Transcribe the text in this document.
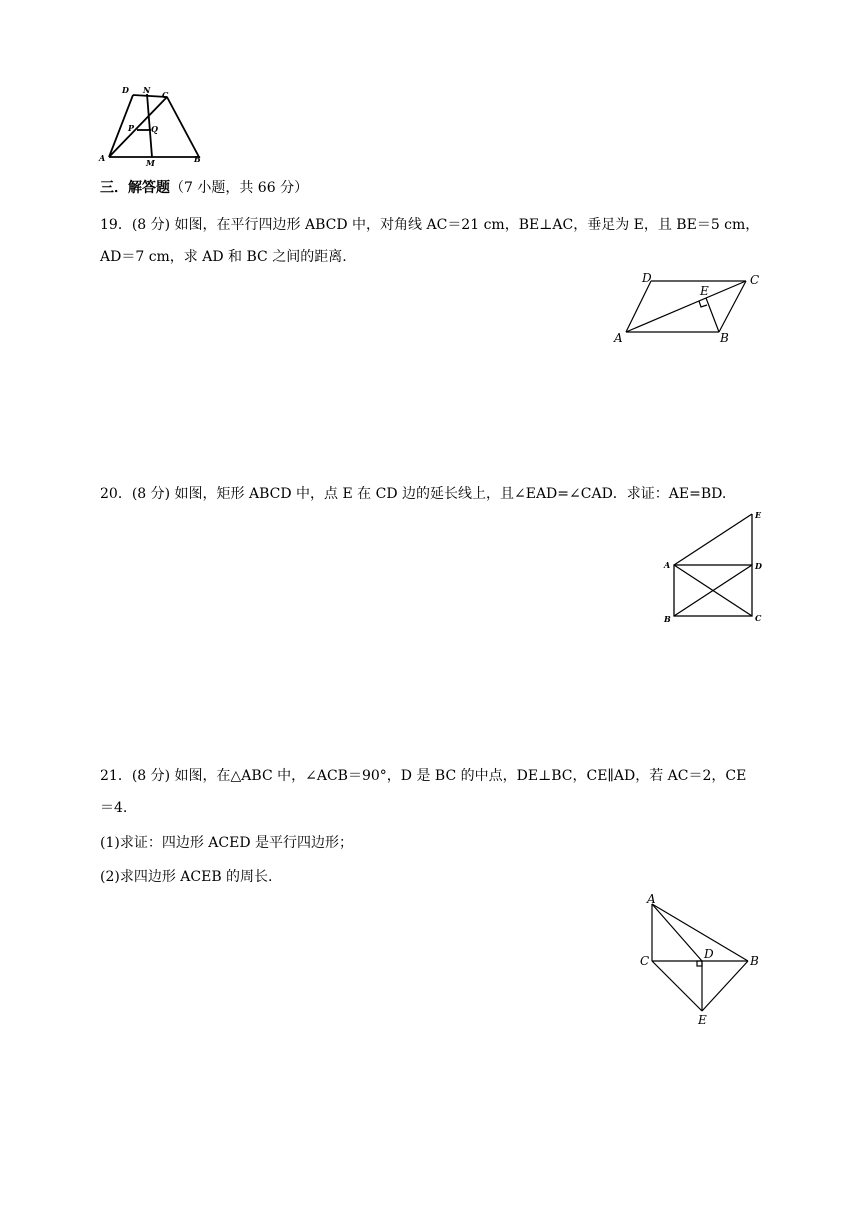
D N C
P Q
A	M	B
三．解答题（7 小题，共 66 分）
19．(8 分) 如图，在平行四边形 ABCD 中，对角线 AC＝21 cm，BE⊥AC，垂足为 E，且 BE＝5 cm，
AD＝7 cm，求 AD 和 BC 之间的距离.
D	C
E
A	B
20．(8 分) 如图，矩形 ABCD 中，点 E 在 CD 边的延长线上，且∠EAD=∠CAD．求证：AE=BD.
E
A	D
B	C
21．(8 分) 如图，在△ABC 中，∠ACB＝90°，D 是 BC 的中点，DE⊥BC，CE∥AD，若 AC＝2，CE
＝4.
(1)求证：四边形 ACED 是平行四边形；
(2)求四边形 ACEB 的周长.
A
C	D	B
E
